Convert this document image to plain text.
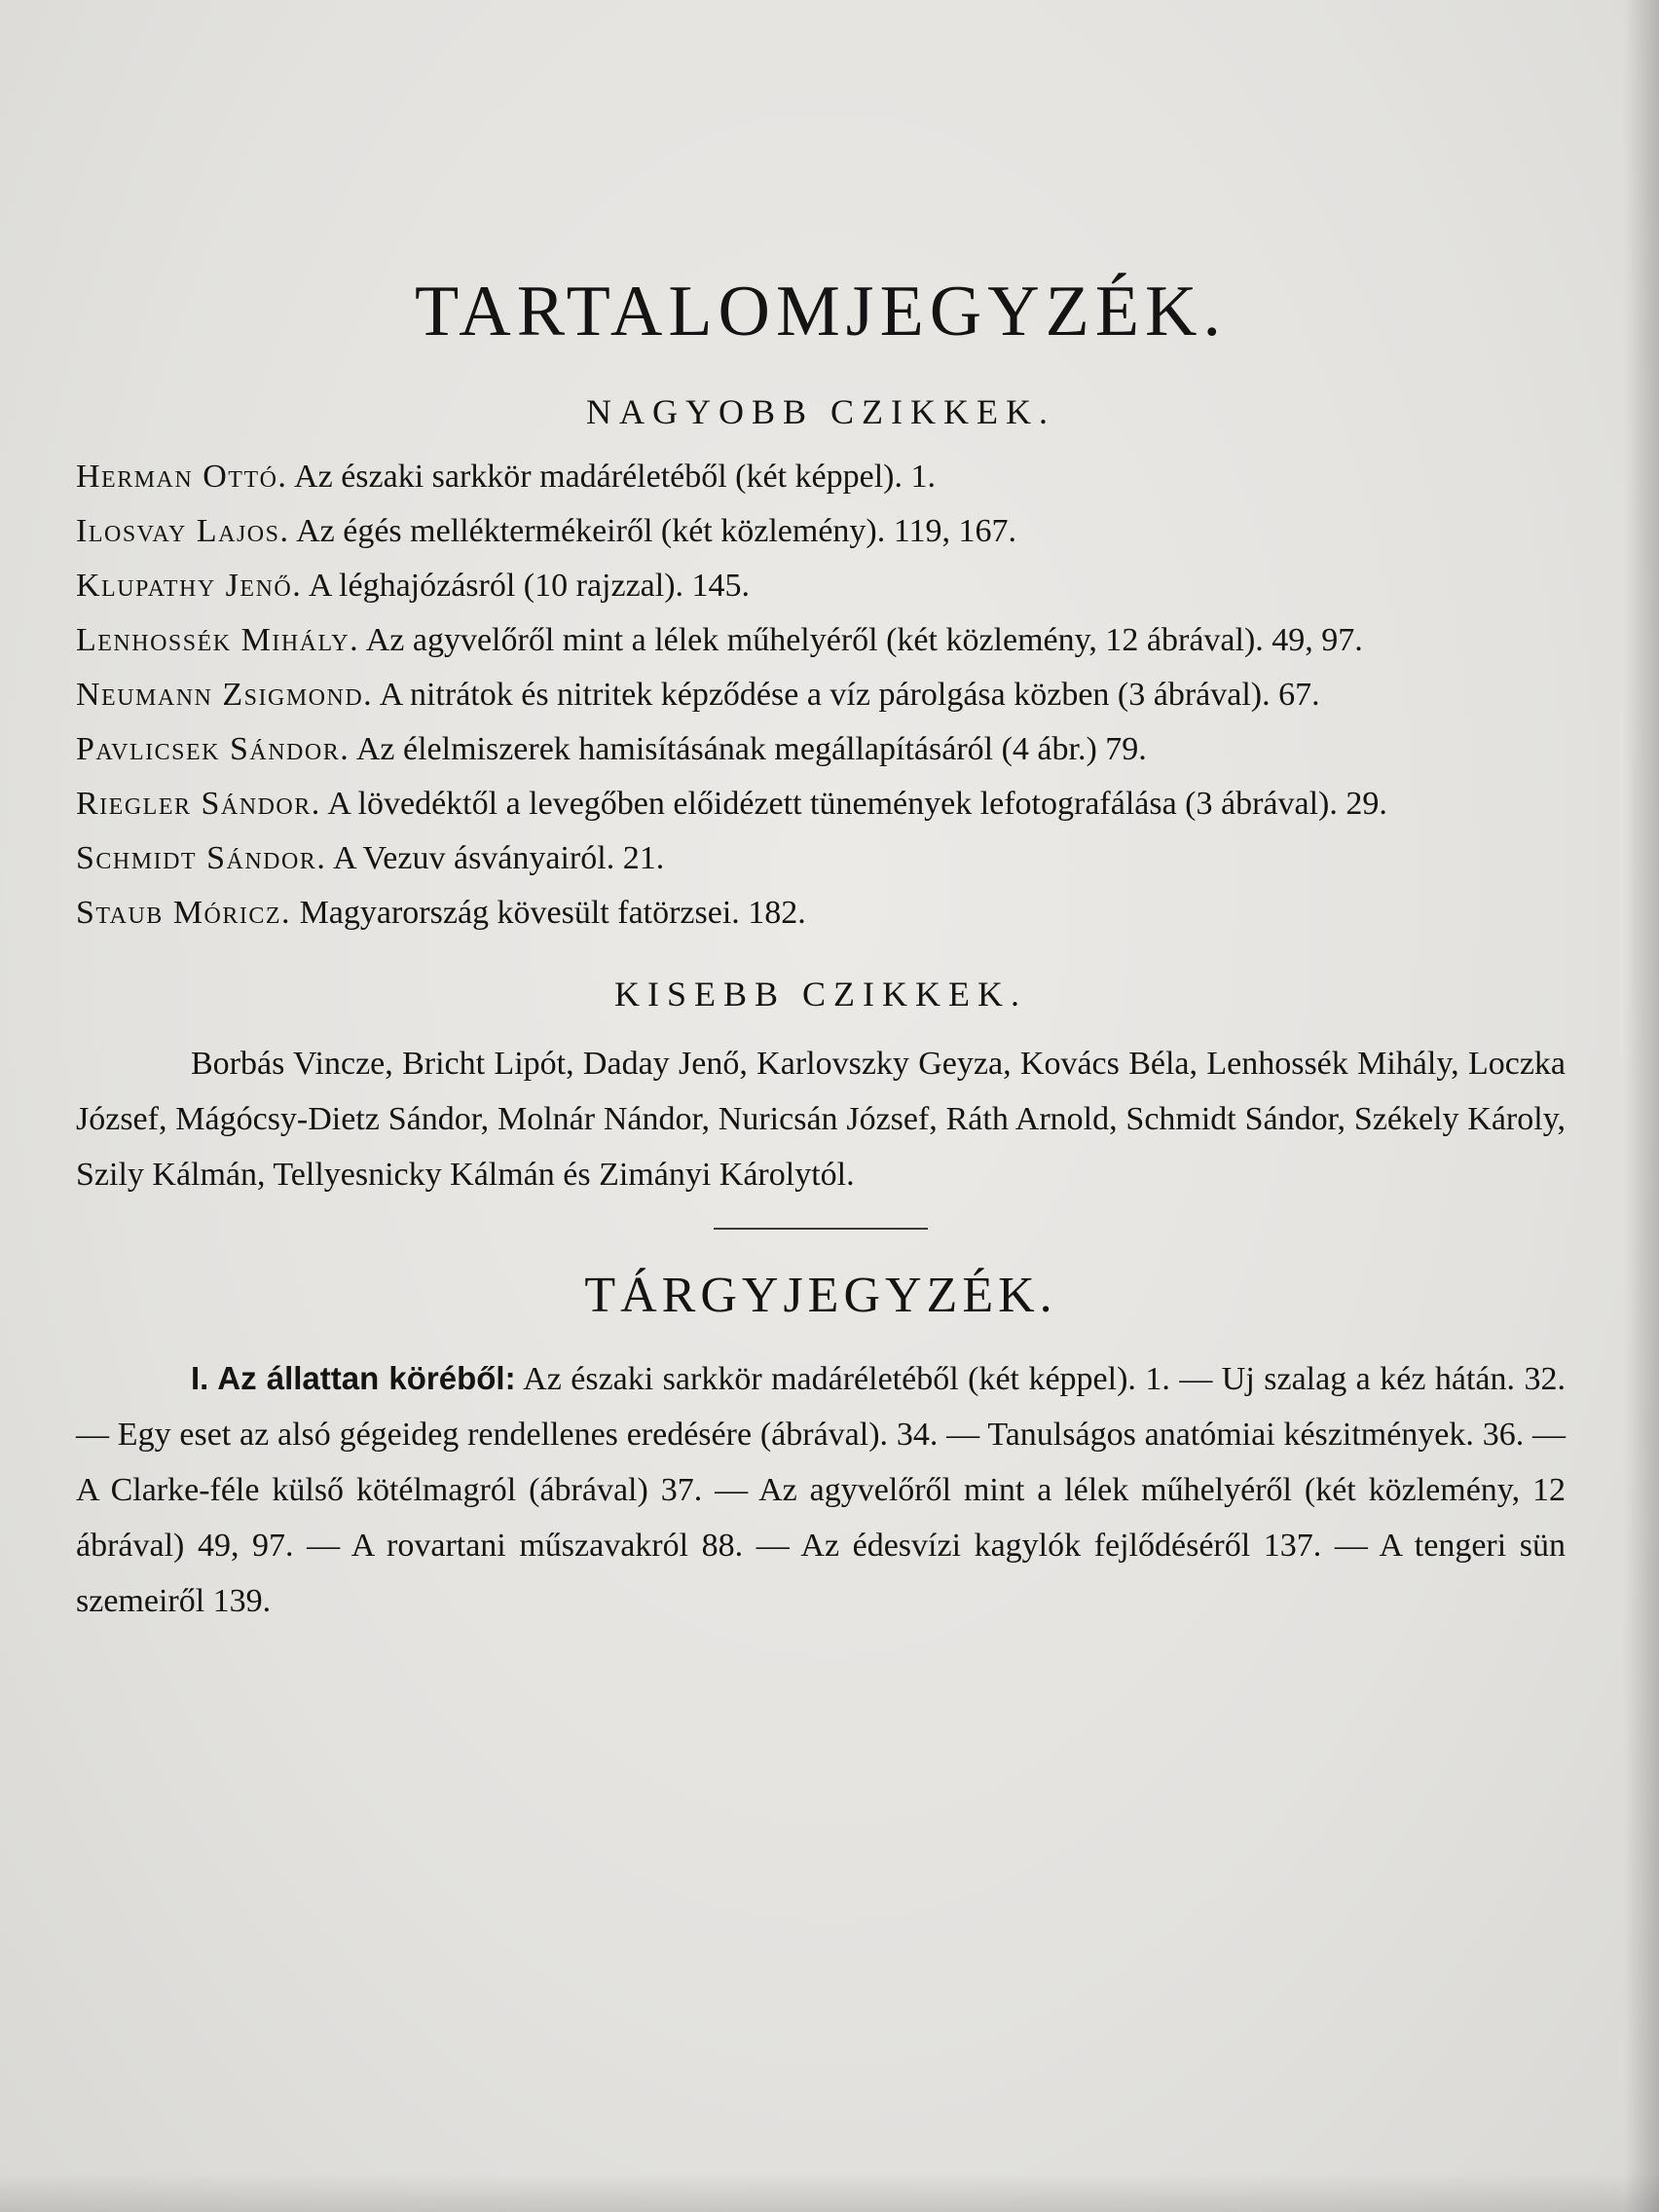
TARTALOMJEGYZÉK.
NAGYOBB CZIKKEK.
Herman Ottó. Az északi sarkkör madáréletéből (két képpel). 1.
Ilosvay Lajos. Az égés melléktermékeiről (két közlemény). 119, 167.
Klupathy Jenő. A léghajózásról (10 rajzzal). 145.
Lenhossék Mihály. Az agyvelőről mint a lélek műhelyéről (két közlemény, 12 ábrával). 49, 97.
Neumann Zsigmond. A nitrátok és nitritek képződése a víz párolgása közben (3 ábrával). 67.
Pavlicsek Sándor. Az élelmiszerek hamisításának megállapításáról (4 ábr.) 79.
Riegler Sándor. A lövedéktől a levegőben előidézett tünemények lefotografálása (3 ábrával). 29.
Schmidt Sándor. A Vezuv ásványairól. 21.
Staub Móricz. Magyarország kövesült fatörzsei. 182.
KISEBB CZIKKEK.

Borbás Vincze, Bricht Lipót, Daday Jenő, Karlovszky Geyza, Kovács Béla, Lenhossék Mihály, Loczka József, Mágócsy-Dietz Sándor, Molnár Nándor, Nuricsán József, Ráth Arnold, Schmidt Sándor, Székely Károly, Szily Kálmán, Tellyesnicky Kálmán és Zimányi Károlytól.

TÁRGYJEGYZÉK.

I. Az állattan köréből: Az északi sarkkör madáréletéből (két képpel). 1. — Uj szalag a kéz hátán. 32. — Egy eset az alsó gégeideg rendellenes eredésére (ábrával). 34. — Tanulságos anatómiai készitmények. 36. — A Clarke-féle külső kötélmagról (ábrával) 37. — Az agyvelőről mint a lélek műhelyéről (két közlemény, 12 ábrával) 49, 97. — A rovartani műszavakról 88. — Az édesvízi kagylók fejlődéséről 137. — A tengeri sün szemeiről 139.
